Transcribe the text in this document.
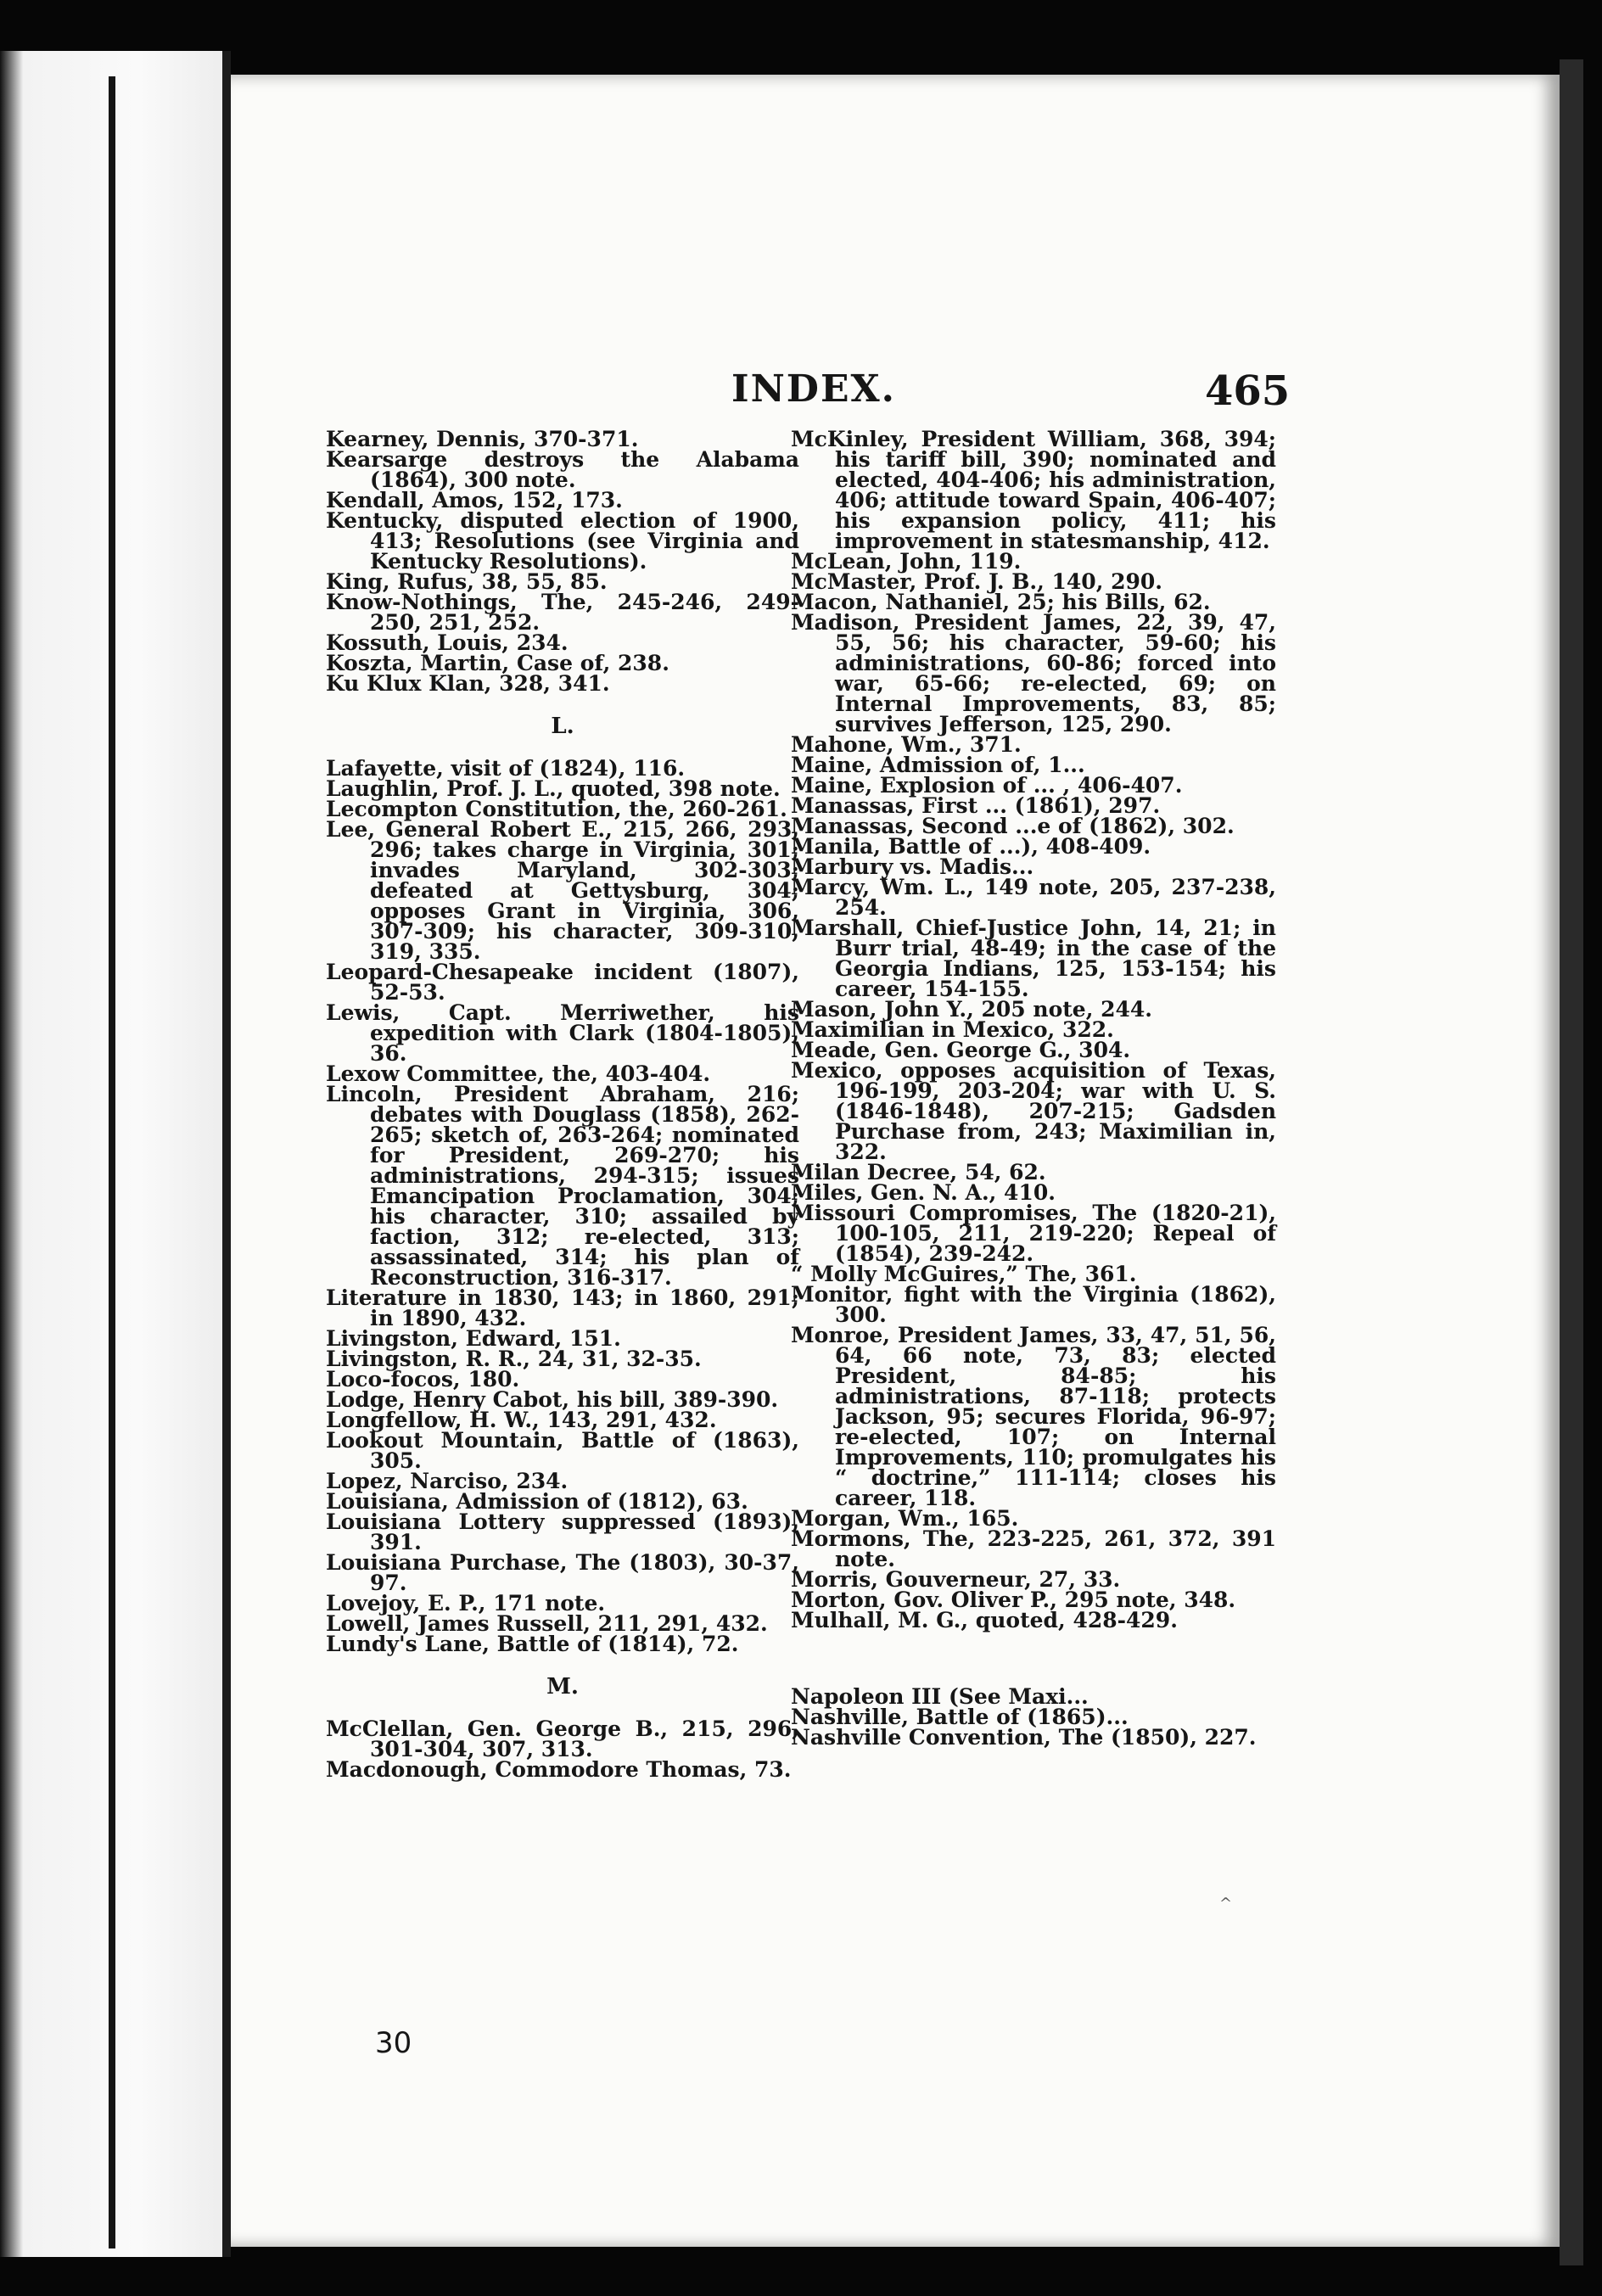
INDEX.	465

Kearney, Dennis, 370-371.

Kearsarge destroys the Alabama (1864), 300 note.

Kendall, Amos, 152, 173.

Kentucky, disputed election of 1900, 413; Resolutions (see Virginia and Kentucky Resolutions).

King, Rufus, 38, 55, 85.

Know-Nothings, The, 245-246, 249-250, 251, 252.

Kossuth, Louis, 234.

Koszta, Martin, Case of, 238.

Ku Klux Klan, 328, 341.

L.

Lafayette, visit of (1824), 116.

Laughlin, Prof. J. L., quoted, 398 note.

Lecompton Constitution, the, 260-261.

Lee, General Robert E., 215, 266, 293, 296; takes charge in Virginia, 301; invades Maryland, 302-303; defeated at Gettysburg, 304; opposes Grant in Virginia, 306, 307-309; his character, 309-310, 319, 335.

Leopard-Chesapeake incident (1807), 52-53.

Lewis, Capt. Merriwether, his expedition with Clark (1804-1805), 36.

Lexow Committee, the, 403-404.

Lincoln, President Abraham, 216; debates with Douglass (1858), 262-265; sketch of, 263-264; nominated for President, 269-270; his administrations, 294-315; issues Emancipation Proclamation, 304; his character, 310; assailed by faction, 312; re-elected, 313; assassinated, 314; his plan of Reconstruction, 316-317.

Literature in 1830, 143; in 1860, 291; in 1890, 432.

Livingston, Edward, 151.

Livingston, R. R., 24, 31, 32-35.

Loco-focos, 180.

Lodge, Henry Cabot, his bill, 389-390.

Longfellow, H. W., 143, 291, 432.

Lookout Mountain, Battle of (1863), 305.

Lopez, Narciso, 234.

Louisiana, Admission of (1812), 63.

Louisiana Lottery suppressed (1893), 391.

Louisiana Purchase, The (1803), 30-37, 97.

Lovejoy, E. P., 171 note.

Lowell, James Russell, 211, 291, 432.

Lundy's Lane, Battle of (1814), 72.

M.

McClellan, Gen. George B., 215, 296, 301-304, 307, 313.

Macdonough, Commodore Thomas, 73.

McKinley, President William, 368, 394; his tariff bill, 390; nominated and elected, 404-406; his administration, 406; attitude toward Spain, 406-407; his expansion policy, 411; his improvement in statesmanship, 412.

McLean, John, 119.

McMaster, Prof. J. B., 140, 290.

Macon, Nathaniel, 25; his Bills, 62.

Madison, President James, 22, 39, 47, 55, 56; his character, 59-60; his administrations, 60-86; forced into war, 65-66; re-elected, 69; on Internal Improvements, 83, 85; survives Jefferson, 125, 290.

Mahone, Wm., 371.

Maine, Admission of, 1...

Maine, Explosion of ... , 406-407.

Manassas, First ... (1861), 297.

Manassas, Second ...e of (1862), 302.

Manila, Battle of ...), 408-409.

Marbury vs. Madis...

Marcy, Wm. L., 149 note, 205, 237-238, 254.

Marshall, Chief-Justice John, 14, 21; in Burr trial, 48-49; in the case of the Georgia Indians, 125, 153-154; his career, 154-155.

Mason, John Y., 205 note, 244.

Maximilian in Mexico, 322.

Meade, Gen. George G., 304.

Mexico, opposes acquisition of Texas, 196-199, 203-204; war with U. S. (1846-1848), 207-215; Gadsden Purchase from, 243; Maximilian in, 322.

Milan Decree, 54, 62.

Miles, Gen. N. A., 410.

Missouri Compromises, The (1820-21), 100-105, 211, 219-220; Repeal of (1854), 239-242.

“ Molly McGuires,” The, 361.

Monitor, fight with the Virginia (1862), 300.

Monroe, President James, 33, 47, 51, 56, 64, 66 note, 73, 83; elected President, 84-85; his administrations, 87-118; protects Jackson, 95; secures Florida, 96-97; re-elected, 107; on Internal Improvements, 110; promulgates his “ doctrine,” 111-114; closes his career, 118.

Morgan, Wm., 165.

Mormons, The, 223-225, 261, 372, 391 note.

Morris, Gouverneur, 27, 33.

Morton, Gov. Oliver P., 295 note, 348.

Mulhall, M. G., quoted, 428-429.

Napoleon III (See Maxi...

Nashville, Battle of (1865)...

Nashville Convention, The (1850), 227.

^
30
